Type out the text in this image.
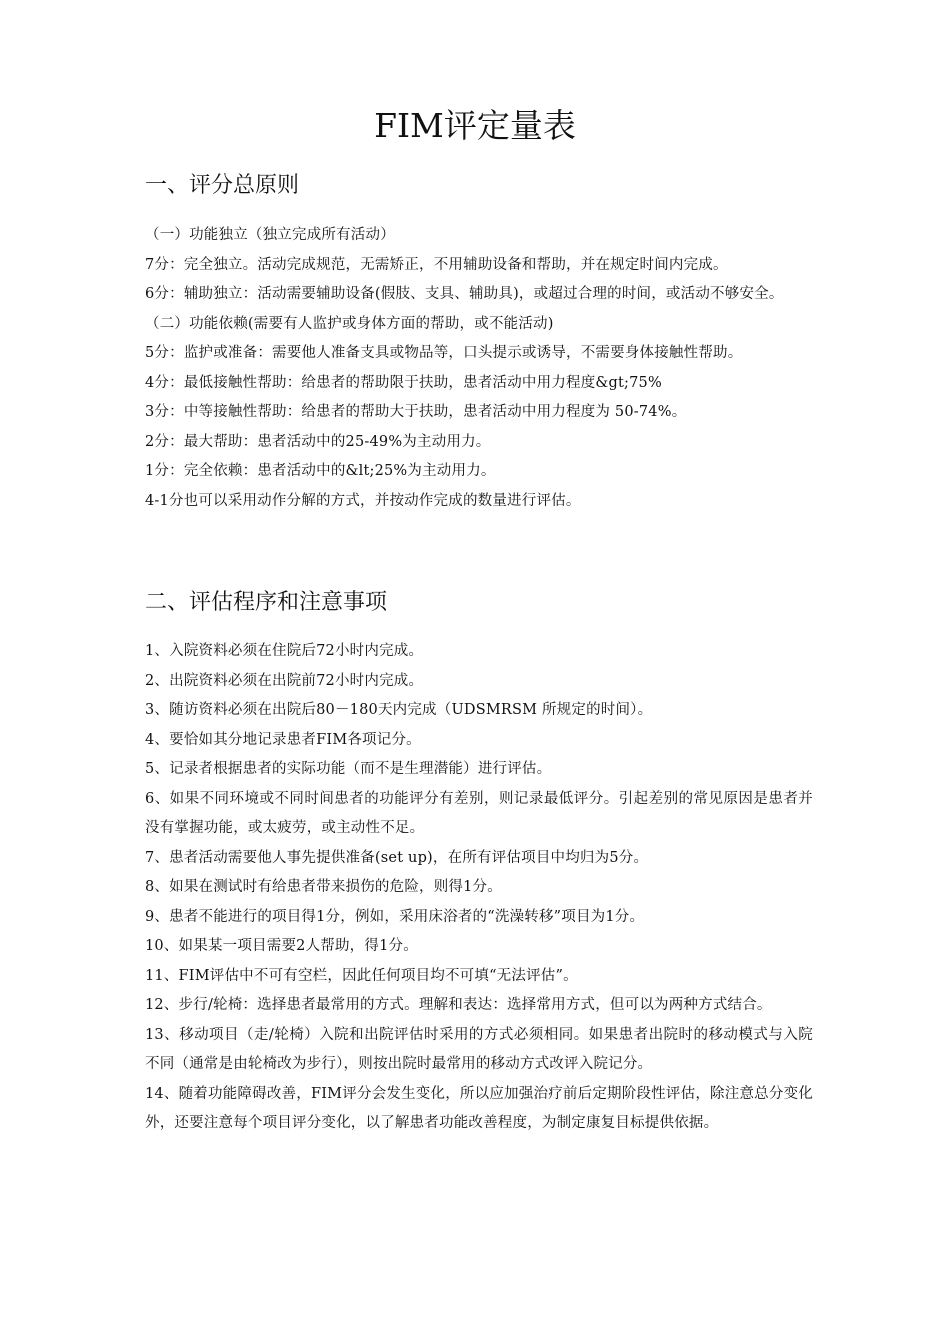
FIM评定量表
一、评分总原则
（一）功能独立（独立完成所有活动）
7分：完全独立。活动完成规范，无需矫正，不用辅助设备和帮助，并在规定时间内完成。
6分：辅助独立：活动需要辅助设备(假肢、支具、辅助具)，或超过合理的时间，或活动不够安全。
（二）功能依赖(需要有人监护或身体方面的帮助，或不能活动)
5分：监护或准备：需要他人准备支具或物品等，口头提示或诱导，不需要身体接触性帮助。
4分：最低接触性帮助：给患者的帮助限于扶助，患者活动中用力程度&gt;75%
3分：中等接触性帮助：给患者的帮助大于扶助，患者活动中用力程度为 50-74%。
2分：最大帮助：患者活动中的25-49%为主动用力。
1分：完全依赖：患者活动中的&lt;25%为主动用力。
4-1分也可以采用动作分解的方式，并按动作完成的数量进行评估。
二、评估程序和注意事项
1、入院资料必须在住院后72小时内完成。
2、出院资料必须在出院前72小时内完成。
3、随访资料必须在出院后80－180天内完成（UDSMRSM 所规定的时间）。
4、要恰如其分地记录患者FIM各项记分。
5、记录者根据患者的实际功能（而不是生理潜能）进行评估。
6、如果不同环境或不同时间患者的功能评分有差别，则记录最低评分。引起差别的常见原因是患者并没有掌握功能，或太疲劳，或主动性不足。
7、患者活动需要他人事先提供准备(set up)，在所有评估项目中均归为5分。
8、如果在测试时有给患者带来损伤的危险，则得1分。
9、患者不能进行的项目得1分，例如，采用床浴者的“洗澡转移”项目为1分。
10、如果某一项目需要2人帮助，得1分。
11、FIM评估中不可有空栏，因此任何项目均不可填“无法评估”。
12、步行/轮椅：选择患者最常用的方式。理解和表达：选择常用方式，但可以为两种方式结合。
13、移动项目（走/轮椅）入院和出院评估时采用的方式必须相同。如果患者出院时的移动模式与入院不同（通常是由轮椅改为步行），则按出院时最常用的移动方式改评入院记分。
14、随着功能障碍改善，FIM评分会发生变化，所以应加强治疗前后定期阶段性评估，除注意总分变化外，还要注意每个项目评分变化，以了解患者功能改善程度，为制定康复目标提供依据。
